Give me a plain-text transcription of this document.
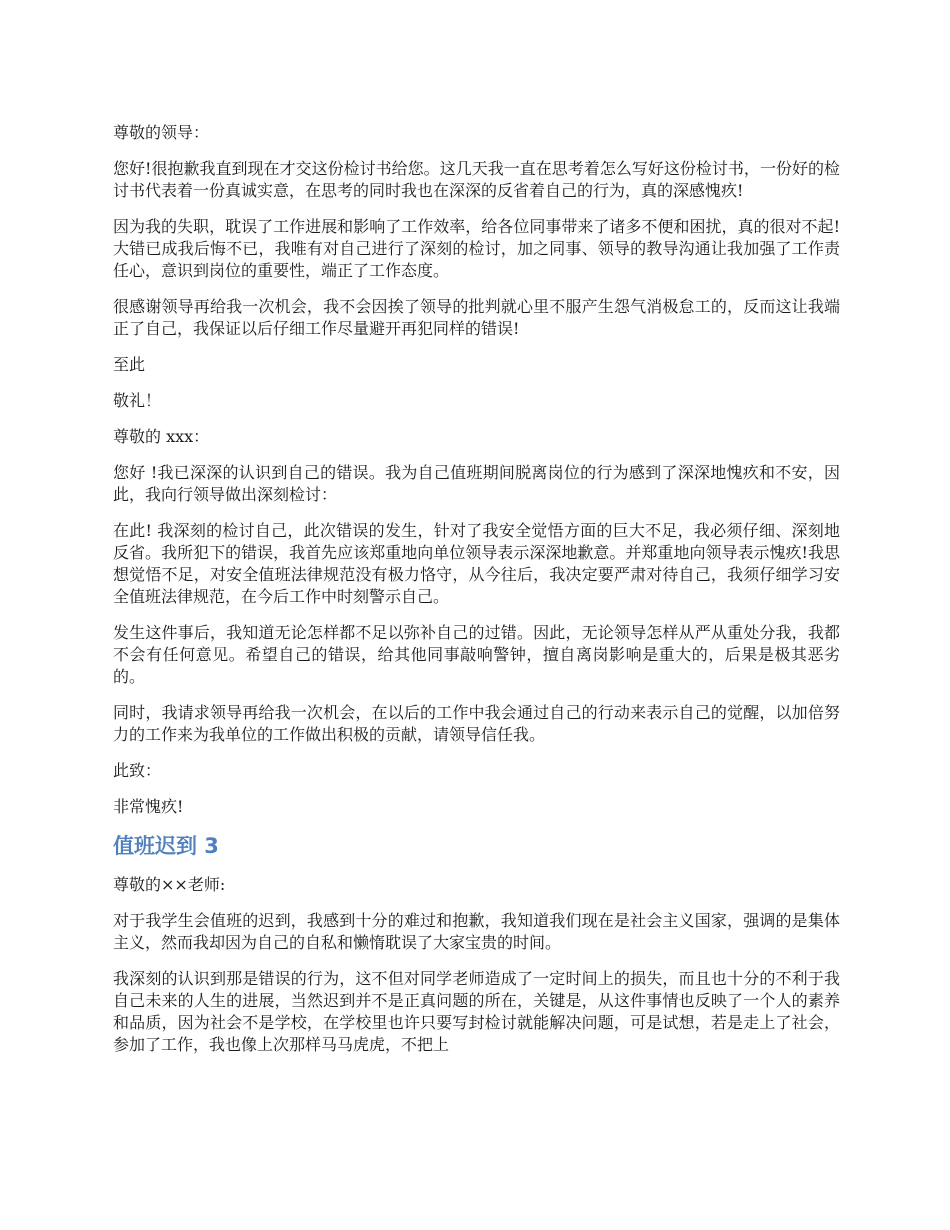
尊敬的领导：

您好!很抱歉我直到现在才交这份检讨书给您。这几天我一直在思考着怎么写好这份检讨书，一份好的检讨书代表着一份真诚实意，在思考的同时我也在深深的反省着自己的行为，真的深感愧疚!

因为我的失职，耽误了工作进展和影响了工作效率，给各位同事带来了诸多不便和困扰，真的很对不起!大错已成我后悔不已，我唯有对自己进行了深刻的检讨，加之同事、领导的教导沟通让我加强了工作责任心，意识到岗位的重要性，端正了工作态度。

很感谢领导再给我一次机会，我不会因挨了领导的批判就心里不服产生怨气消极怠工的，反而这让我端正了自己，我保证以后仔细工作尽量避开再犯同样的错误!

至此

敬礼！

尊敬的 xxx：

您好 !我已深深的认识到自己的错误。我为自己值班期间脱离岗位的行为感到了深深地愧疚和不安，因此，我向行领导做出深刻检讨：

在此! 我深刻的检讨自己，此次错误的发生，针对了我安全觉悟方面的巨大不足，我必须仔细、深刻地反省。我所犯下的错误，我首先应该郑重地向单位领导表示深深地歉意。并郑重地向领导表示愧疚!我思想觉悟不足，对安全值班法律规范没有极力恪守，从今往后，我决定要严肃对待自己，我须仔细学习安全值班法律规范，在今后工作中时刻警示自己。

发生这件事后，我知道无论怎样都不足以弥补自己的过错。因此，无论领导怎样从严从重处分我，我都不会有任何意见。希望自己的错误，给其他同事敲响警钟，擅自离岗影响是重大的，后果是极其恶劣的。

同时，我请求领导再给我一次机会，在以后的工作中我会通过自己的行动来表示自己的觉醒，以加倍努力的工作来为我单位的工作做出积极的贡献，请领导信任我。

此致：

非常愧疚!

值班迟到 3

尊敬的××老师:

对于我学生会值班的迟到，我感到十分的难过和抱歉，我知道我们现在是社会主义国家，强调的是集体主义，然而我却因为自己的自私和懒惰耽误了大家宝贵的时间。

我深刻的认识到那是错误的行为，这不但对同学老师造成了一定时间上的损失，而且也十分的不利于我自己未来的人生的进展，当然迟到并不是正真问题的所在，关键是，从这件事情也反映了一个人的素养和品质，因为社会不是学校，在学校里也许只要写封检讨就能解决问题，可是试想，若是走上了社会，参加了工作，我也像上次那样马马虎虎，不把上
